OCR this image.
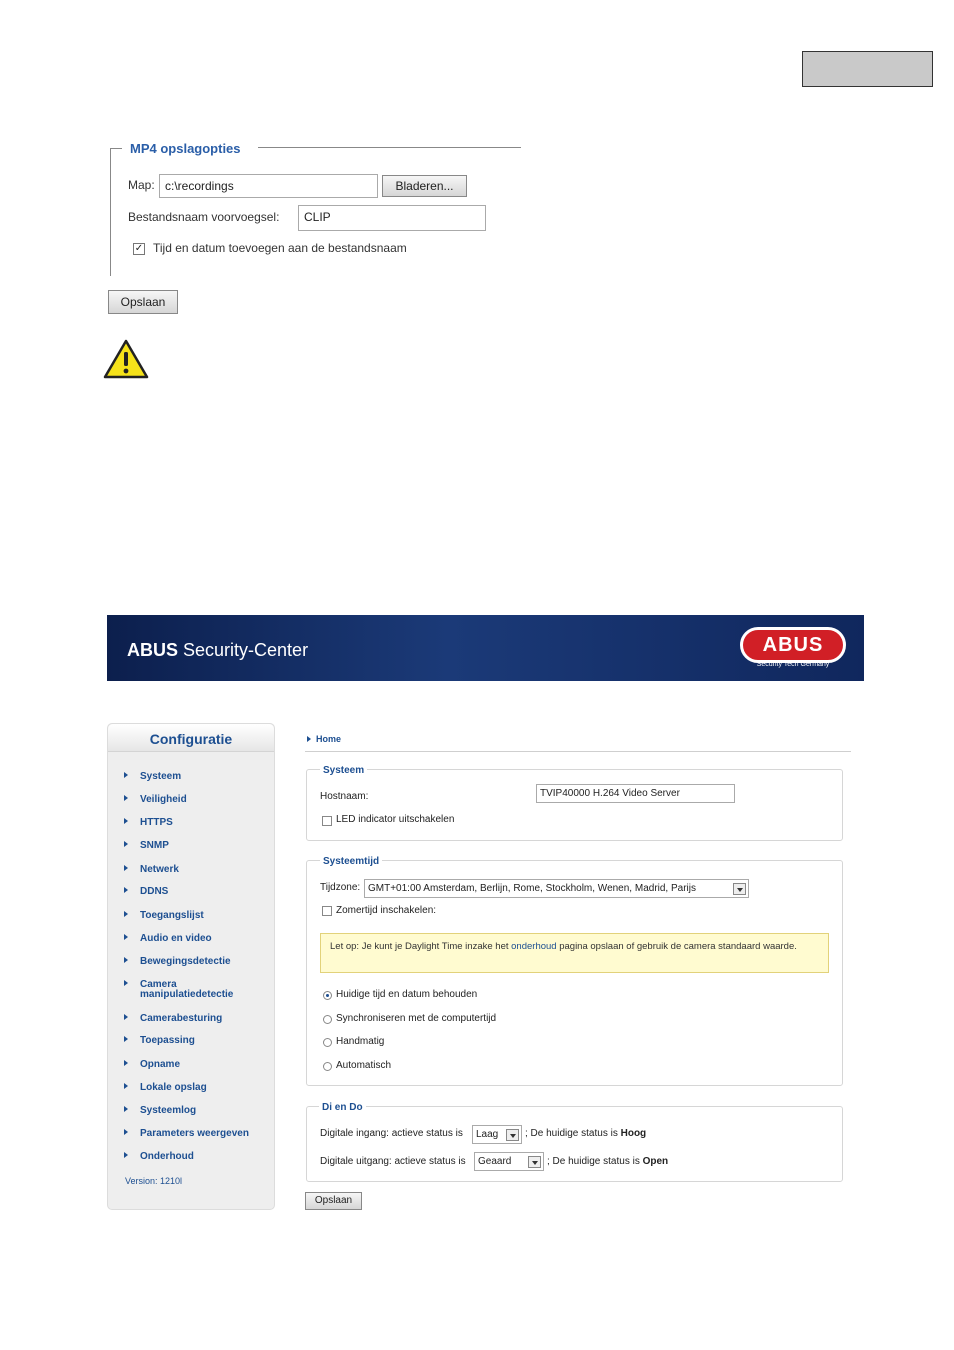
MP4 opslagopties
Map: c:\recordings	Bladeren...
Bestandsnaam voorvoegsel:	CLIP
✓ Tijd en datum toevoegen aan de bestandsnaam
Opslaan
ABUS Security-Center	ABUS
Security Tech Germany
Configuratie
Systeem
Veiligheid
HTTPS
SNMP
Netwerk
DDNS
Toegangslijst
Audio en video
Bewegingsdetectie
Camera manipulatiedetectie
Camerabesturing
Toepassing
Opname
Lokale opslag
Systeemlog
Parameters weergeven
Onderhoud
Version: 1210l
Home
Systeem
Hostnaam:	TVIP40000 H.264 Video Server
LED indicator uitschakelen
Systeemtijd
Tijdzone: GMT+01:00 Amsterdam, Berlijn, Rome, Stockholm, Wenen, Madrid, Parijs
Zomertijd inschakelen:
Let op: Je kunt je Daylight Time inzake het onderhoud pagina opslaan of gebruik de camera standaard waarde.
Huidige tijd en datum behouden
Synchroniseren met de computertijd
Handmatig
Automatisch
Di en Do
Digitale ingang: actieve status is	Laag	; De huidige status is Hoog
Digitale uitgang: actieve status is	Geaard	; De huidige status is Open
Opslaan
